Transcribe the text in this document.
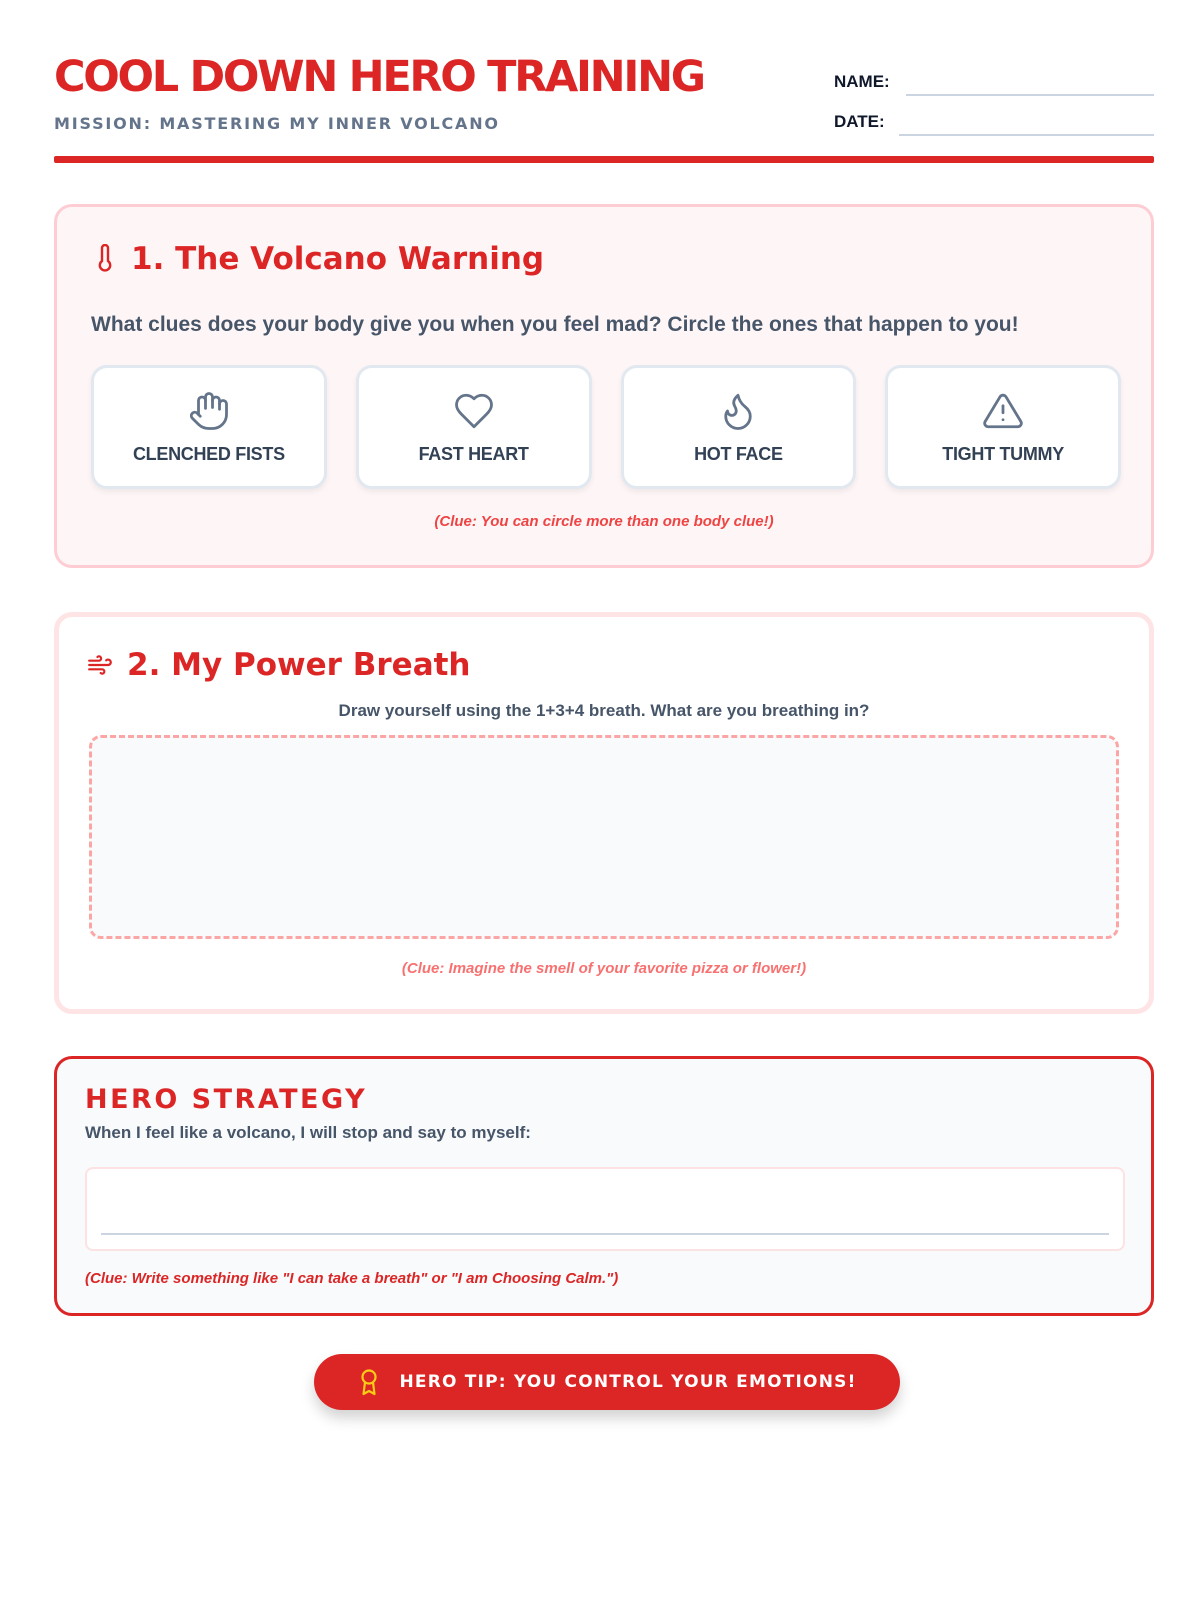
COOL DOWN HERO TRAINING
MISSION: MASTERING MY INNER VOLCANO
NAME:
DATE:
1. The Volcano Warning
What clues does your body give you when you feel mad? Circle the ones that happen to you!
CLENCHED FISTS	FAST HEART	HOT FACE	TIGHT TUMMY
(Clue: You can circle more than one body clue!)
2. My Power Breath
Draw yourself using the 1+3+4 breath. What are you breathing in?
(Clue: Imagine the smell of your favorite pizza or flower!)
HERO STRATEGY
When I feel like a volcano, I will stop and say to myself:
(Clue: Write something like "I can take a breath" or "I am Choosing Calm.")
HERO TIP: YOU CONTROL YOUR EMOTIONS!
